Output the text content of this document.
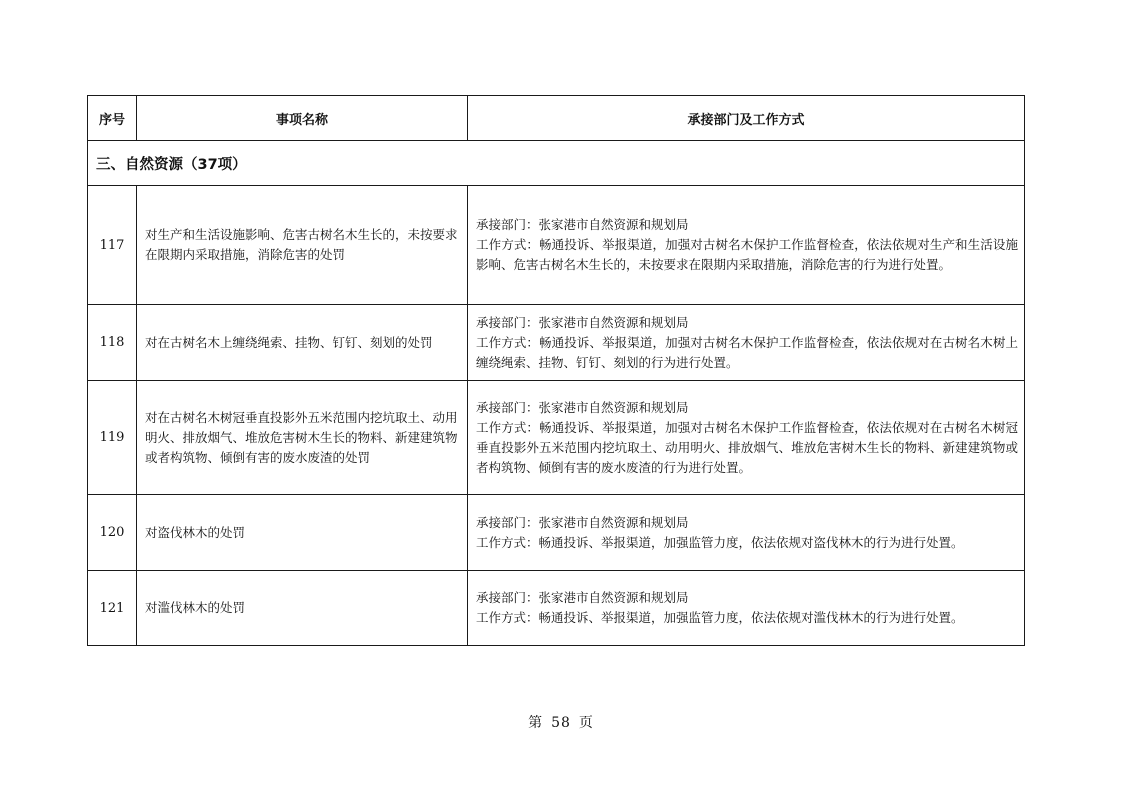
序号	事项名称	承接部门及工作方式
三、自然资源（37项）		
117	对生产和生活设施影响、危害古树名木生长的，未按要求在限期内采取措施，消除危害的处罚	承接部门：张家港市自然资源和规划局
工作方式：畅通投诉、举报渠道，加强对古树名木保护工作监督检查，依法依规对生产和生活设施影响、危害古树名木生长的，未按要求在限期内采取措施，消除危害的行为进行处置。

118	对在古树名木上缠绕绳索、挂物、钉钉、刻划的处罚	承接部门：张家港市自然资源和规划局
工作方式：畅通投诉、举报渠道，加强对古树名木保护工作监督检查，依法依规对在古树名木树上缠绕绳索、挂物、钉钉、刻划的行为进行处置。

119	对在古树名木树冠垂直投影外五米范围内挖坑取土、动用明火、排放烟气、堆放危害树木生长的物料、新建建筑物或者构筑物、倾倒有害的废水废渣的处罚	承接部门：张家港市自然资源和规划局
工作方式：畅通投诉、举报渠道，加强对古树名木保护工作监督检查，依法依规对在古树名木树冠垂直投影外五米范围内挖坑取土、动用明火、排放烟气、堆放危害树木生长的物料、新建建筑物或者构筑物、倾倒有害的废水废渣的行为进行处置。

120	对盗伐林木的处罚	承接部门：张家港市自然资源和规划局
工作方式：畅通投诉、举报渠道，加强监管力度，依法依规对盗伐林木的行为进行处置。

121	对滥伐林木的处罚	承接部门：张家港市自然资源和规划局
工作方式：畅通投诉、举报渠道，加强监管力度，依法依规对滥伐林木的行为进行处置。
第 58 页
